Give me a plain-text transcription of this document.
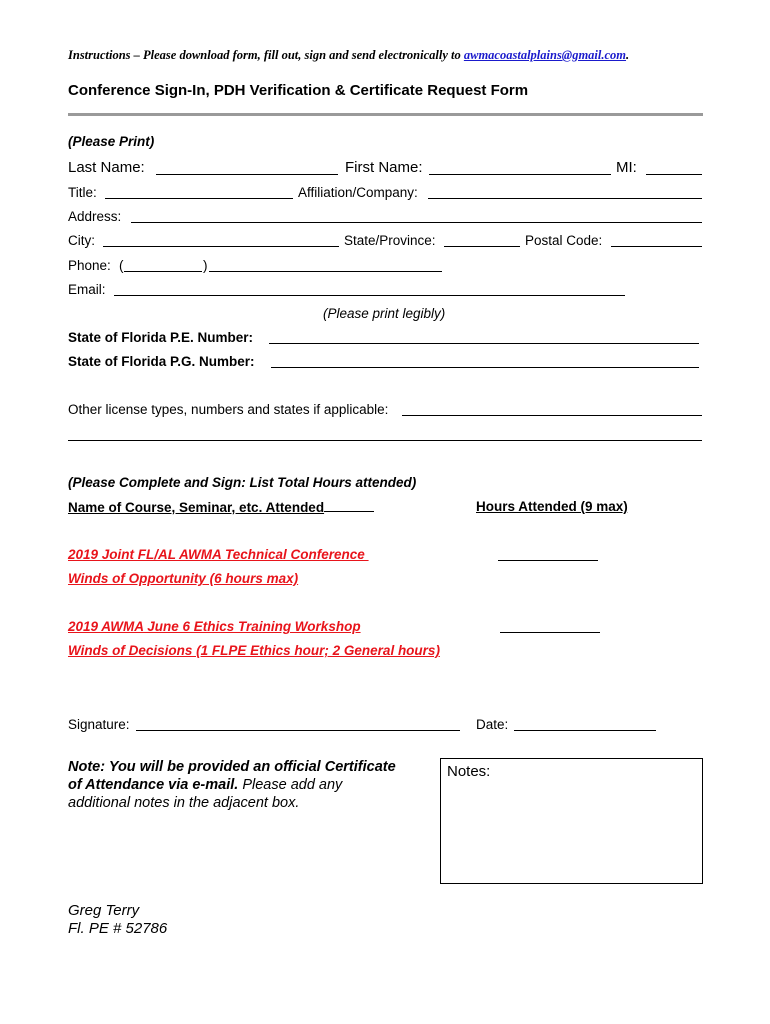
Instructions – Please download form, fill out, sign and send electronically to awmacoastalplains@gmail.com.
Conference Sign-In, PDH Verification & Certificate Request Form
(Please Print)
Last Name:	First Name:	MI:
Title:	Affiliation/Company:
Address:
City:	State/Province:	Postal Code:
Phone: (	)
Email:
(Please print legibly)
State of Florida P.E. Number:
State of Florida P.G. Number:
Other license types, numbers and states if applicable:
(Please Complete and Sign: List Total Hours attended)
Name of Course, Seminar, etc. Attended	Hours Attended (9 max)
2019 Joint FL/AL AWMA Technical Conference
Winds of Opportunity (6 hours max)
2019 AWMA June 6 Ethics Training Workshop
Winds of Decisions (1 FLPE Ethics hour; 2 General hours)
Signature:	Date:
Note: You will be provided an official Certificate of Attendance via e-mail. Please add any additional notes in the adjacent box.
Notes:
Greg Terry
Fl. PE # 52786
